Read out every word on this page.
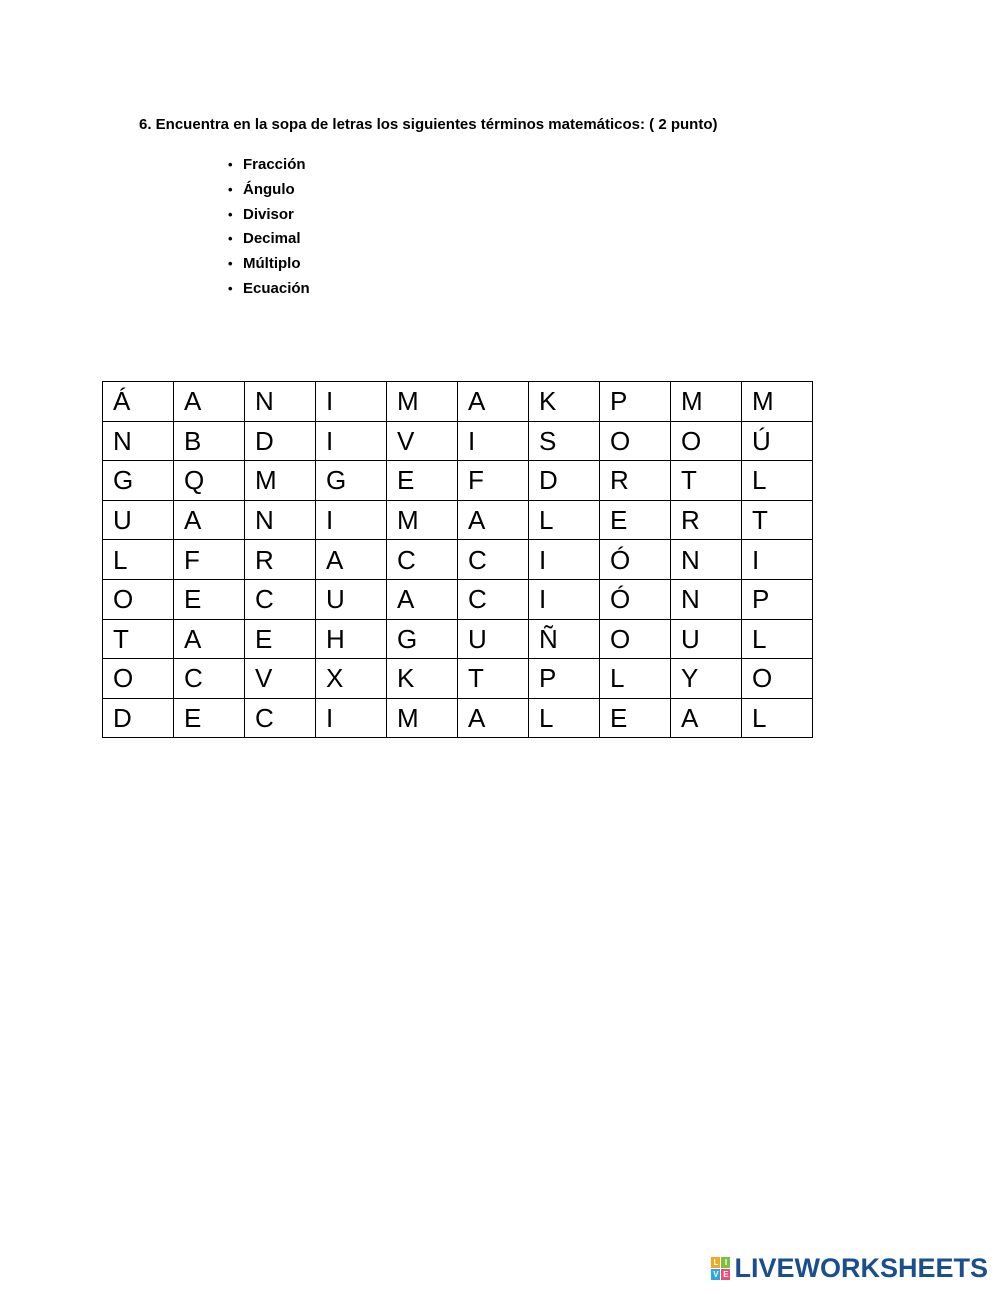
6. Encuentra en la sopa de letras los siguientes términos matemáticos: ( 2 punto)
• Fracción
• Ángulo
• Divisor
• Decimal
• Múltiplo
• Ecuación
Á	A	N	I	M	A	K	P	M	M
N	B	D	I	V	I	S	O	O	Ú
G	Q	M	G	E	F	D	R	T	L
U	A	N	I	M	A	L	E	R	T
L	F	R	A	C	C	I	Ó	N	I
O	E	C	U	A	C	I	Ó	N	P
T	A	E	H	G	U	Ñ	O	U	L
O	C	V	X	K	T	P	L	Y	O
D	E	C	I	M	A	L	E	A	L
L I
V E LIVEWORKSHEETS
